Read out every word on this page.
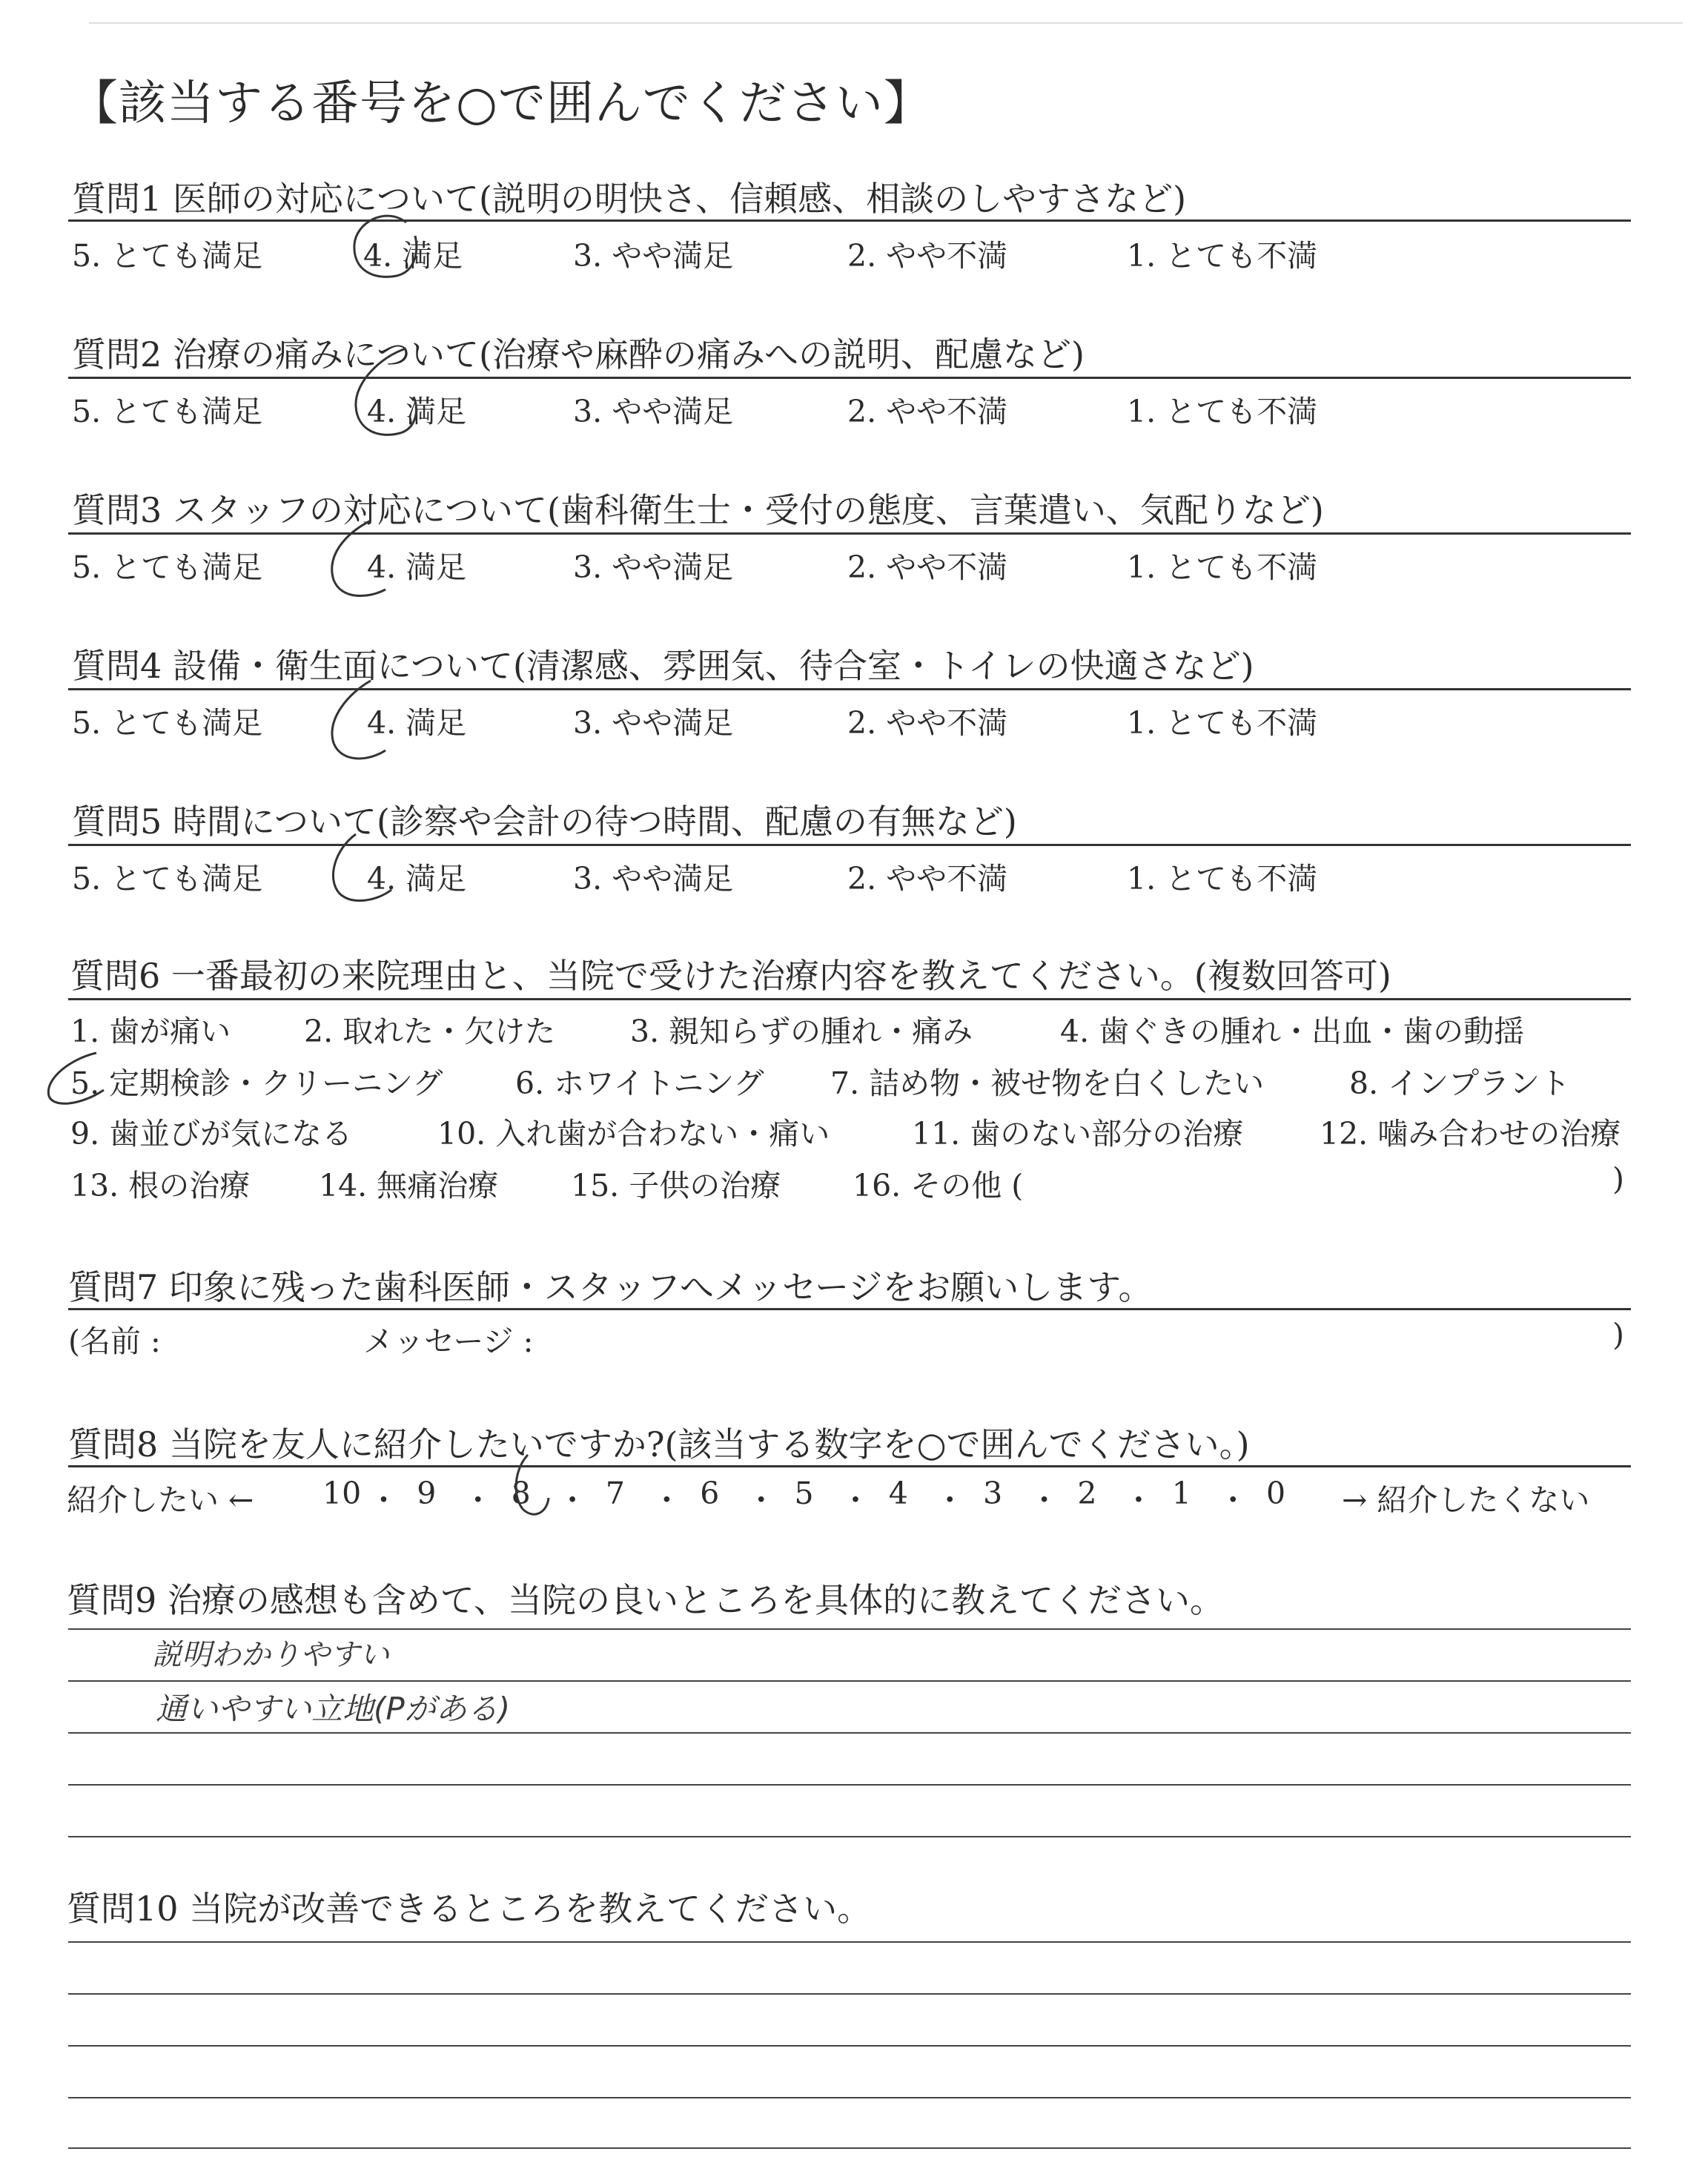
【該当する番号を○で囲んでください】
質問1 医師の対応について(説明の明快さ、信頼感、相談のしやすさなど)
5. とても満足	4. 満足	3. やや満足	2. やや不満	1. とても不満
質問2 治療の痛みについて(治療や麻酔の痛みへの説明、配慮など)
5. とても満足	4. 満足	3. やや満足	2. やや不満	1. とても不満
質問3 スタッフの対応について(歯科衛生士・受付の態度、言葉遣い、気配りなど)
5. とても満足	4. 満足	3. やや満足	2. やや不満	1. とても不満
質問4 設備・衛生面について(清潔感、雰囲気、待合室・トイレの快適さなど)
5. とても満足	4. 満足	3. やや満足	2. やや不満	1. とても不満
質問5 時間について(診察や会計の待つ時間、配慮の有無など)
5. とても満足	4. 満足	3. やや満足	2. やや不満	1. とても不満
質問6 一番最初の来院理由と、当院で受けた治療内容を教えてください。(複数回答可)
1. 歯が痛い 2. 取れた・欠けた 3. 親知らずの腫れ・痛み	4. 歯ぐきの腫れ・出血・歯の動揺
5. 定期検診・クリーニング 6. ホワイトニング 7. 詰め物・被せ物を白くしたい	8. インプラント
9. 歯並びが気になる	10. 入れ歯が合わない・痛い	11. 歯のない部分の治療	12. 噛み合わせの治療
13. 根の治療 14. 無痛治療 15. 子供の治療 16. その他 (	)
質問7 印象に残った歯科医師・スタッフへメッセージをお願いします。
(名前 :	メッセージ :	)
質問8 当院を友人に紹介したいですか?(該当する数字を○で囲んでください。)
紹介したい ← 10 ・ 9 ・ 8 ・ 7 ・ 6 ・ 5 ・ 4 ・ 3 ・ 2 ・ 1 ・ 0 → 紹介したくない
質問9 治療の感想も含めて、当院の良いところを具体的に教えてください。
説明わかりやすい
通いやすい立地(Pがある)
質問10 当院が改善できるところを教えてください。
